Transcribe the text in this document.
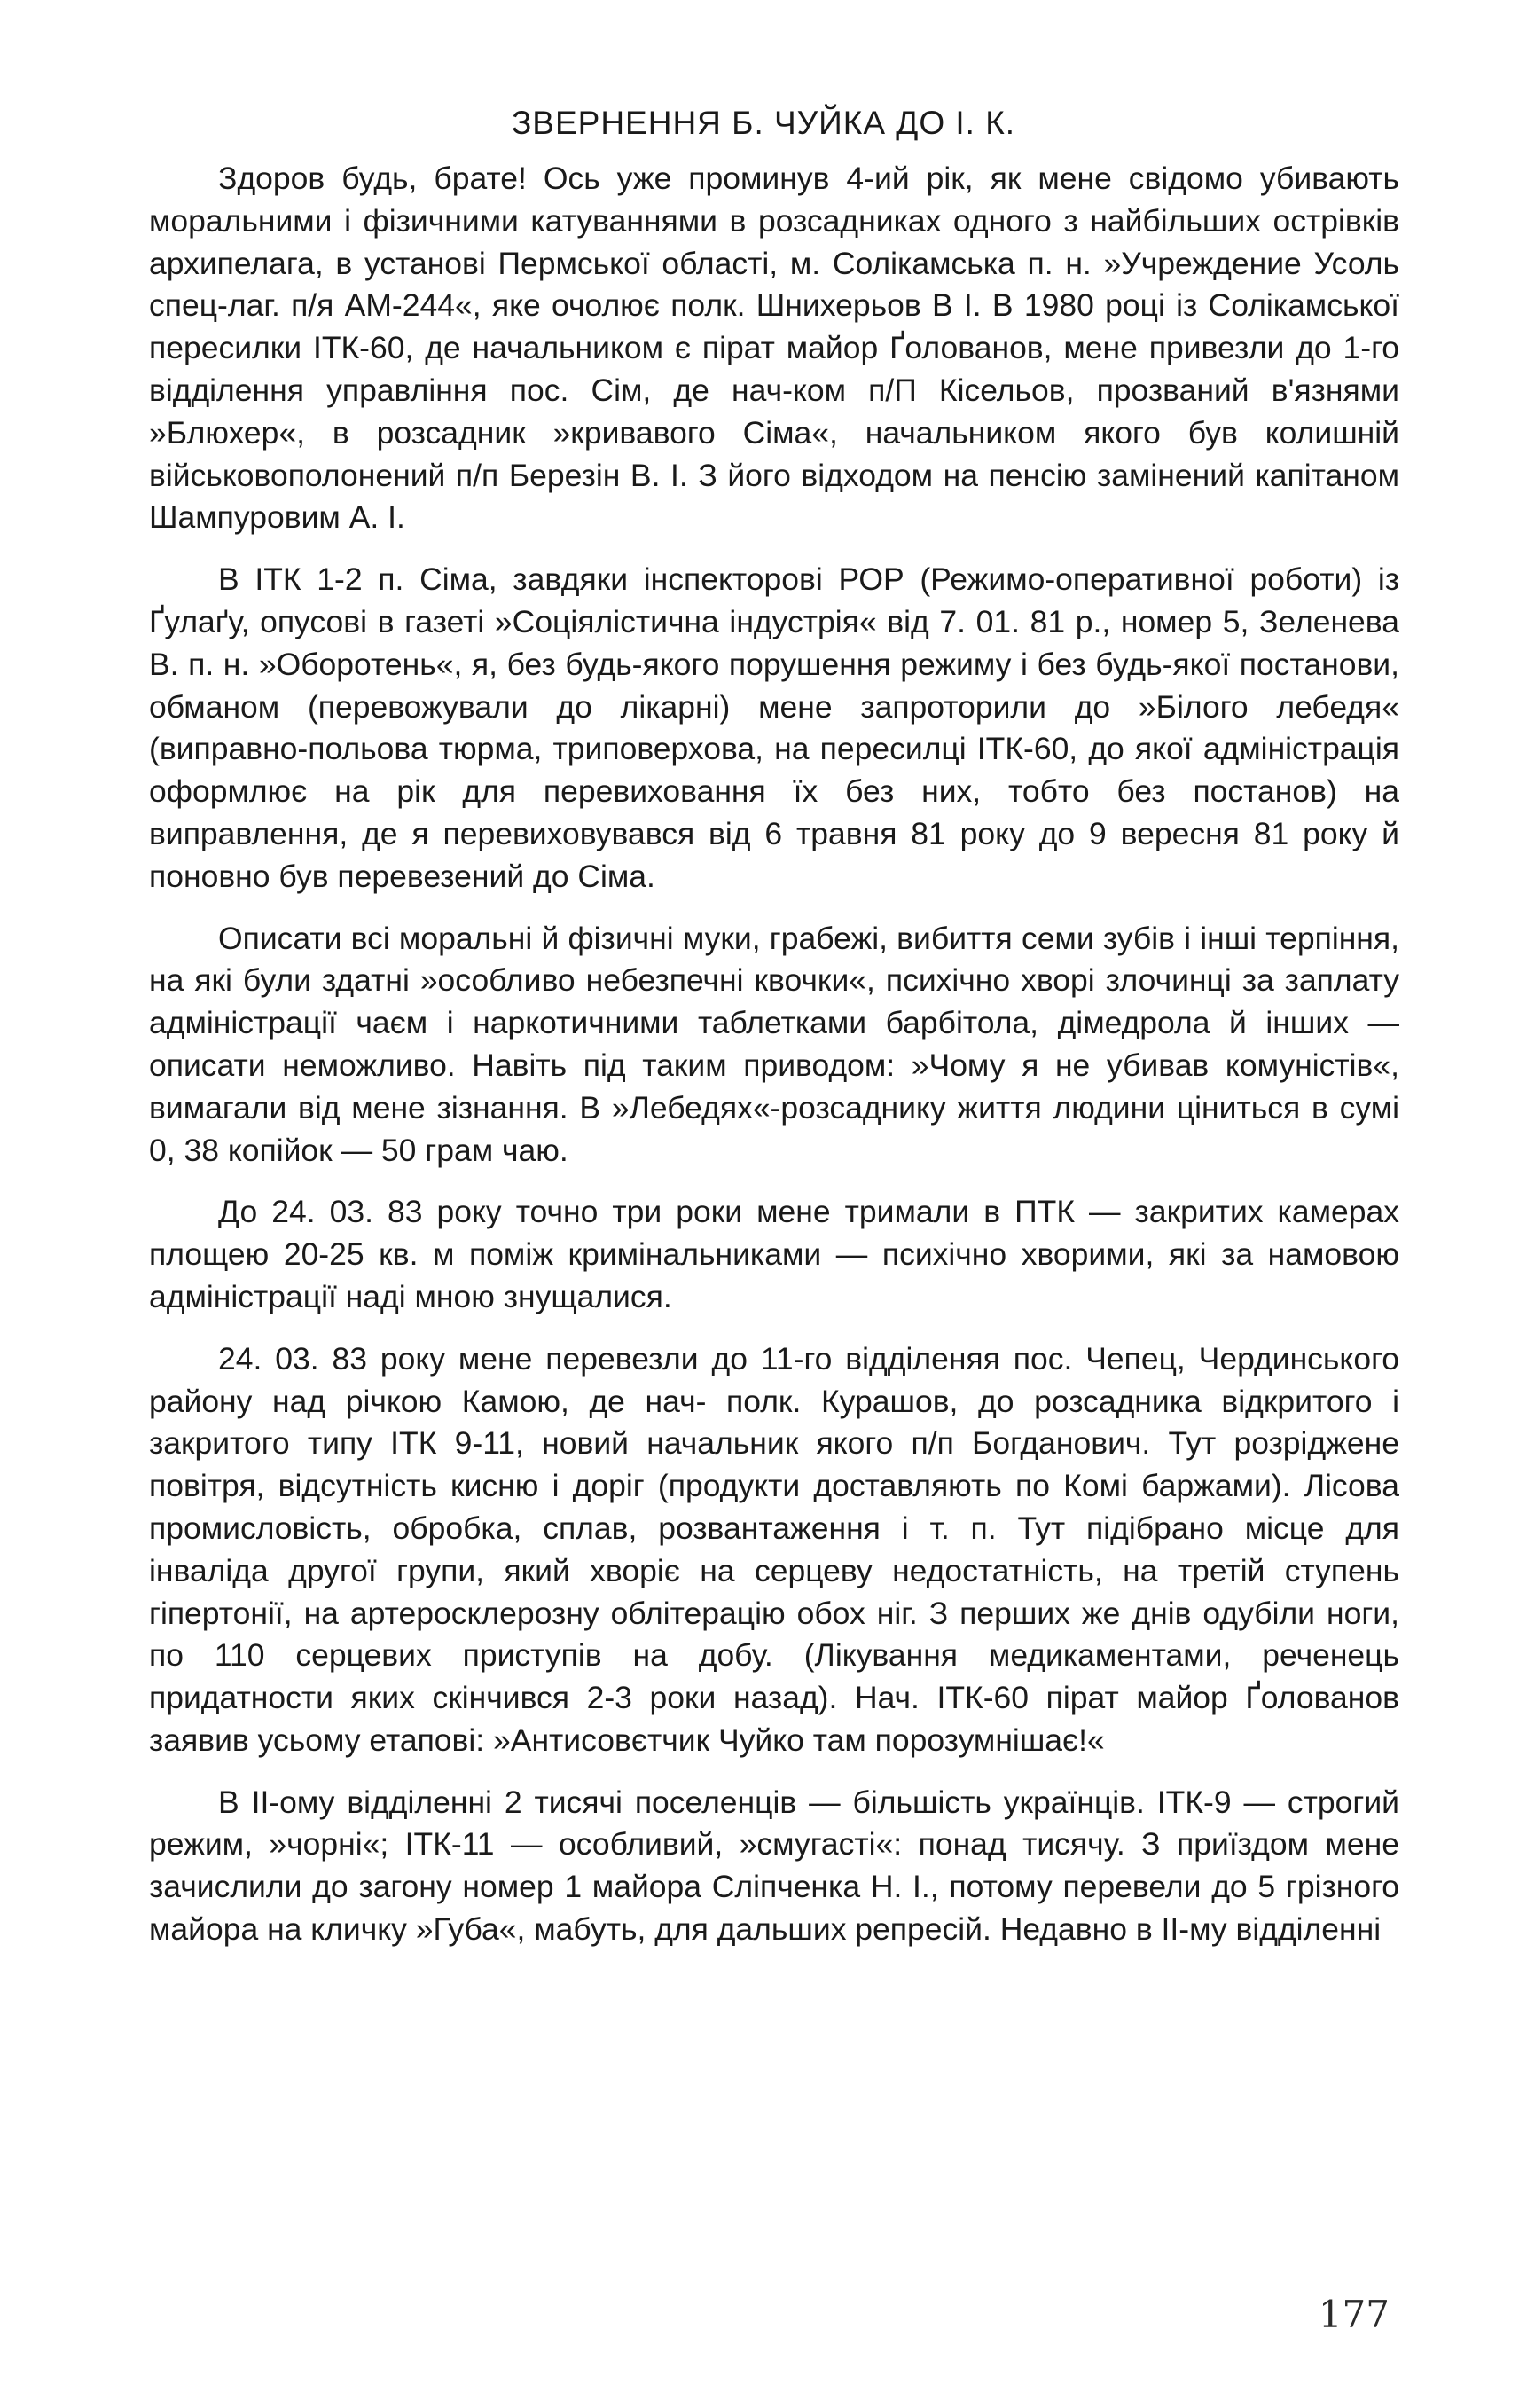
ЗВЕРНЕННЯ Б. ЧУЙКА ДО І. К.

Здоров будь, брате! Ось уже проминув 4-ий рік, як мене свідомо убивають моральними і фізичними катуваннями в розсадниках одного з найбільших острівків архипелага, в установі Пермської області, м. Солікамська п. н. »Учреждение Усоль спец-лаг. п/я АМ-244«, яке очолює полк. Шнихерьов В І. В 1980 році із Солікамської пересилки ІТК-60, де начальником є пірат майор Ґолованов, мене привезли до 1-го відділення управління пос. Сім, де нач-ком п/П Кісельов, прозваний в'язнями »Блюхер«, в розсадник »кривавого Сіма«, начальником якого був колишній військовополонений п/п Березін В. І. З його відходом на пенсію замінений капітаном Шампуровим А. І.

В ІТК 1-2 п. Сіма, завдяки інспекторові РОР (Режимо-оперативної роботи) із Ґулаґу, опусові в газеті »Соціялістична індустрія« від 7. 01. 81 р., номер 5, Зеленева В. п. н. »Оборотень«, я, без будь-якого порушення режиму і без будь-якої постанови, обманом (перевожували до лікарні) мене запроторили до »Білого лебедя« (виправно-польова тюрма, триповерхова, на пересилці ІТК-60, до якої адміністрація оформлює на рік для перевиховання їх без них, тобто без постанов) на виправлення, де я перевиховувався від 6 травня 81 року до 9 вересня 81 року й поновно був перевезений до Сіма.

Описати всі моральні й фізичні муки, грабежі, вибиття семи зубів і інші терпіння, на які були здатні »особливо небезпечні квочки«, психічно хворі злочинці за заплату адміністрації чаєм і наркотичними таблетками барбітола, дімедрола й інших — описати неможливо. Навіть під таким приводом: »Чому я не убивав комуністів«, вимагали від мене зізнання. В »Лебедях«-розсаднику життя людини ціниться в сумі 0, 38 копійок — 50 грам чаю.

До 24. 03. 83 року точно три роки мене тримали в ПТК — закритих камерах площею 20-25 кв. м поміж кримінальниками — психічно хворими, які за намовою адміністрації наді мною знущалися.

24. 03. 83 року мене перевезли до 11-го відділеняя пос. Чепец, Чердинського району над річкою Камою, де нач- полк. Курашов, до розсадника відкритого і закритого типу ІТК 9-11, новий начальник якого п/п Богданович. Тут розріджене повітря, відсутність кисню і доріг (продукти доставляють по Комі баржами). Лісова промисловість, обробка, сплав, розвантаження і т. п. Тут підібрано місце для інваліда другої групи, який хворіє на серцеву недостатність, на третій ступень гіпертонії, на артеросклерозну облітерацію обох ніг. З перших же днів одубіли ноги, по 110 серцевих приступів на добу. (Лікування медикаментами, реченець придатности яких скінчився 2-3 роки назад). Нач. ІТК-60 пірат майор Ґолованов заявив усьому етапові: »Антисовєтчик Чуйко там порозумнішає!«

В ІІ-ому відділенні 2 тисячі поселенців — більшість українців. ІТК-9 — строгий режим, »чорні«; ІТК-11 — особливий, »смугасті«: понад тисячу. З приїздом мене зачислили до загону номер 1 майора Сліпченка Н. І., потому перевели до 5 грізного майора на кличку »Губа«, мабуть, для дальших репресій. Недавно в ІІ-му відділенні

177
